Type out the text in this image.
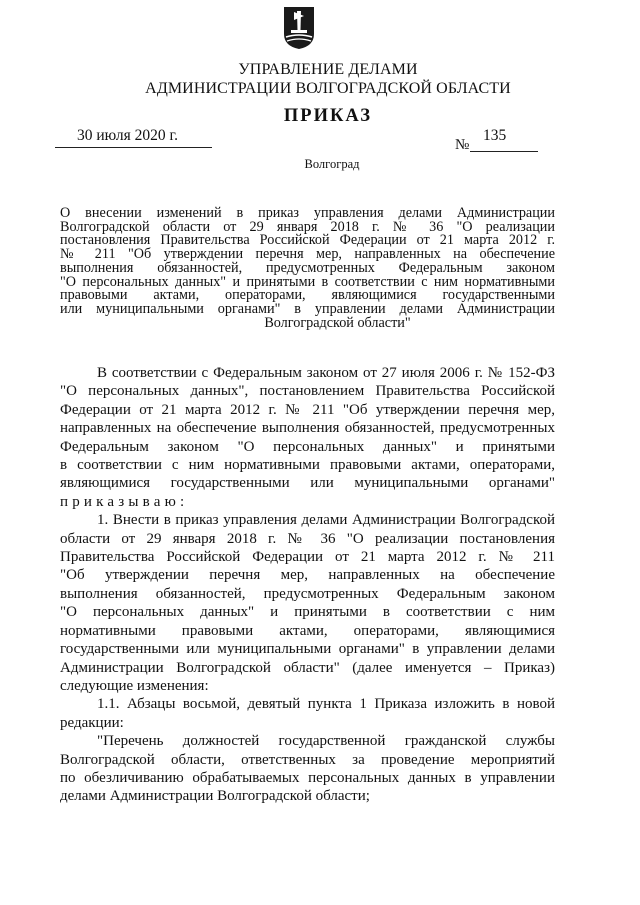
УПРАВЛЕНИЕ ДЕЛАМИ
АДМИНИСТРАЦИИ ВОЛГОГРАДСКОЙ ОБЛАСТИ
ПРИКАЗ
30 июля 2020 г.
№
135
Волгоград
О внесении изменений в приказ управления делами Администрации
Волгоградской области от 29 января 2018 г. № 36 "О реализации
постановления Правительства Российской Федерации от 21 марта 2012 г.
№ 211 "Об утверждении перечня мер, направленных на обеспечение
выполнения обязанностей, предусмотренных Федеральным законом
"О персональных данных" и принятыми в соответствии с ним нормативными
правовыми актами, операторами, являющимися государственными
или муниципальными органами" в управлении делами Администрации
Волгоградской области"

В соответствии с Федеральным законом от 27 июля 2006 г. № 152-ФЗ

"О персональных данных", постановлением Правительства Российской

Федерации от 21 марта 2012 г. № 211 "Об утверждении перечня мер,

направленных на обеспечение выполнения обязанностей, предусмотренных

Федеральным законом "О персональных данных" и принятыми

в соответствии с ним нормативными правовыми актами, операторами,

являющимися государственными или муниципальными органами"

приказываю:

1. Внести в приказ управления делами Администрации Волгоградской

области от 29 января 2018 г. № 36 "О реализации постановления

Правительства Российской Федерации от 21 марта 2012 г. № 211

"Об утверждении перечня мер, направленных на обеспечение

выполнения обязанностей, предусмотренных Федеральным законом

"О персональных данных" и принятыми в соответствии с ним

нормативными правовыми актами, операторами, являющимися

государственными или муниципальными органами" в управлении делами

Администрации Волгоградской области" (далее именуется – Приказ)

следующие изменения:

1.1. Абзацы восьмой, девятый пункта 1 Приказа изложить в новой

редакции:

"Перечень должностей государственной гражданской службы

Волгоградской области, ответственных за проведение мероприятий

по обезличиванию обрабатываемых персональных данных в управлении

делами Администрации Волгоградской области;
